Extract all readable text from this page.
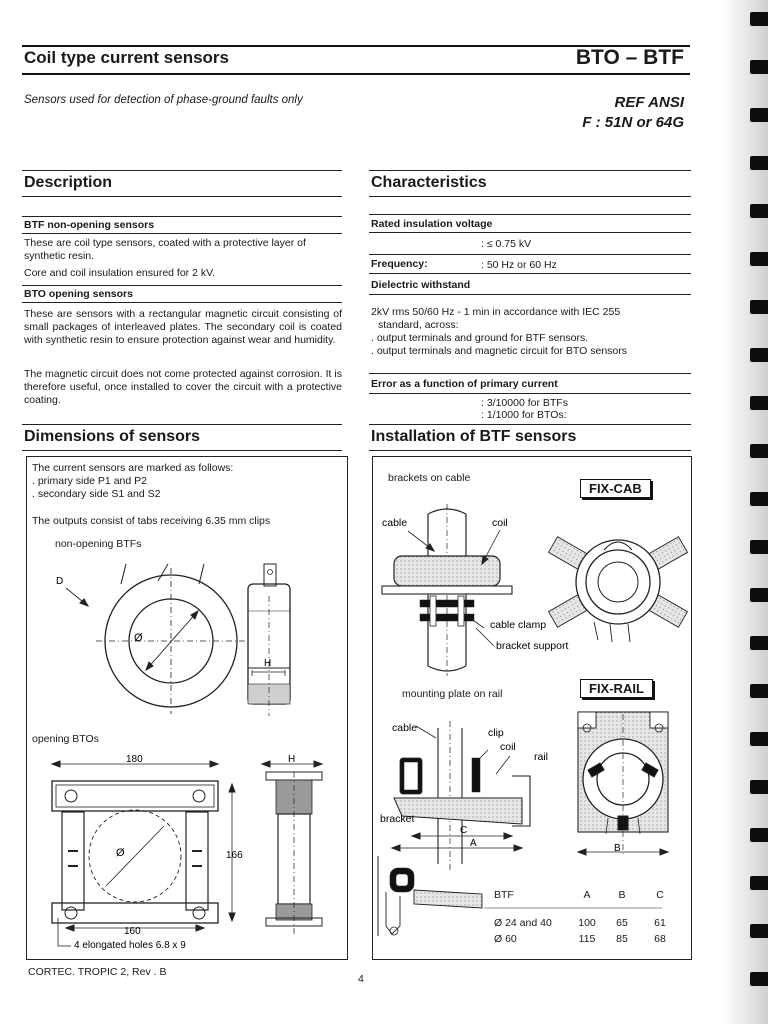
Coil type current sensors	BTO – BTF
Sensors used for detection of phase-ground faults only	REF ANSI
F : 51N or 64G
Description
BTF non-opening sensors
These are coil type sensors, coated with a protective layer of synthetic resin.
Core and coil insulation ensured for 2 kV.
BTO opening sensors
These are sensors with a rectangular magnetic circuit consisting of small packages of interleaved plates. The secondary coil is coated with synthetic resin to ensure protection against wear and humidity.
The magnetic circuit does not come protected against corrosion. It is therefore useful, once installed to cover the circuit with a protective coating.
Characteristics
Rated insulation voltage
: ≤ 0.75 kV
Frequency:	: 50 Hz or 60 Hz
Dielectric withstand
2kV rms 50/60 Hz - 1 min in accordance with IEC 255
standard, across:
. output terminals and ground for BTF sensors.
. output terminals and magnetic circuit for BTO sensors
Error as a function of primary current
: 3/10000 for BTFs
: 1/1000 for BTOs:
Dimensions of sensors
The current sensors are marked as follows:
. primary side P1 and P2
. secondary side S1 and S2
The outputs consist of tabs receiving 6.35 mm clips
non-opening BTFs
opening BTOs
D
Ø
H
180
160
166
Ø
4 elongated holes 6.8 x 9
H
Installation of BTF sensors
brackets on cable
FIX-CAB
mounting plate on rail	FIX-RAIL
cable	coil
cable clamp
bracket support
cable	clip
coil
rail
bracket
C
A	B
BTF	A	B	C

Ø 24 and 40	100	65	61
Ø 60	115	85	68
CORTEC. TROPIC 2, Rev . B
4
